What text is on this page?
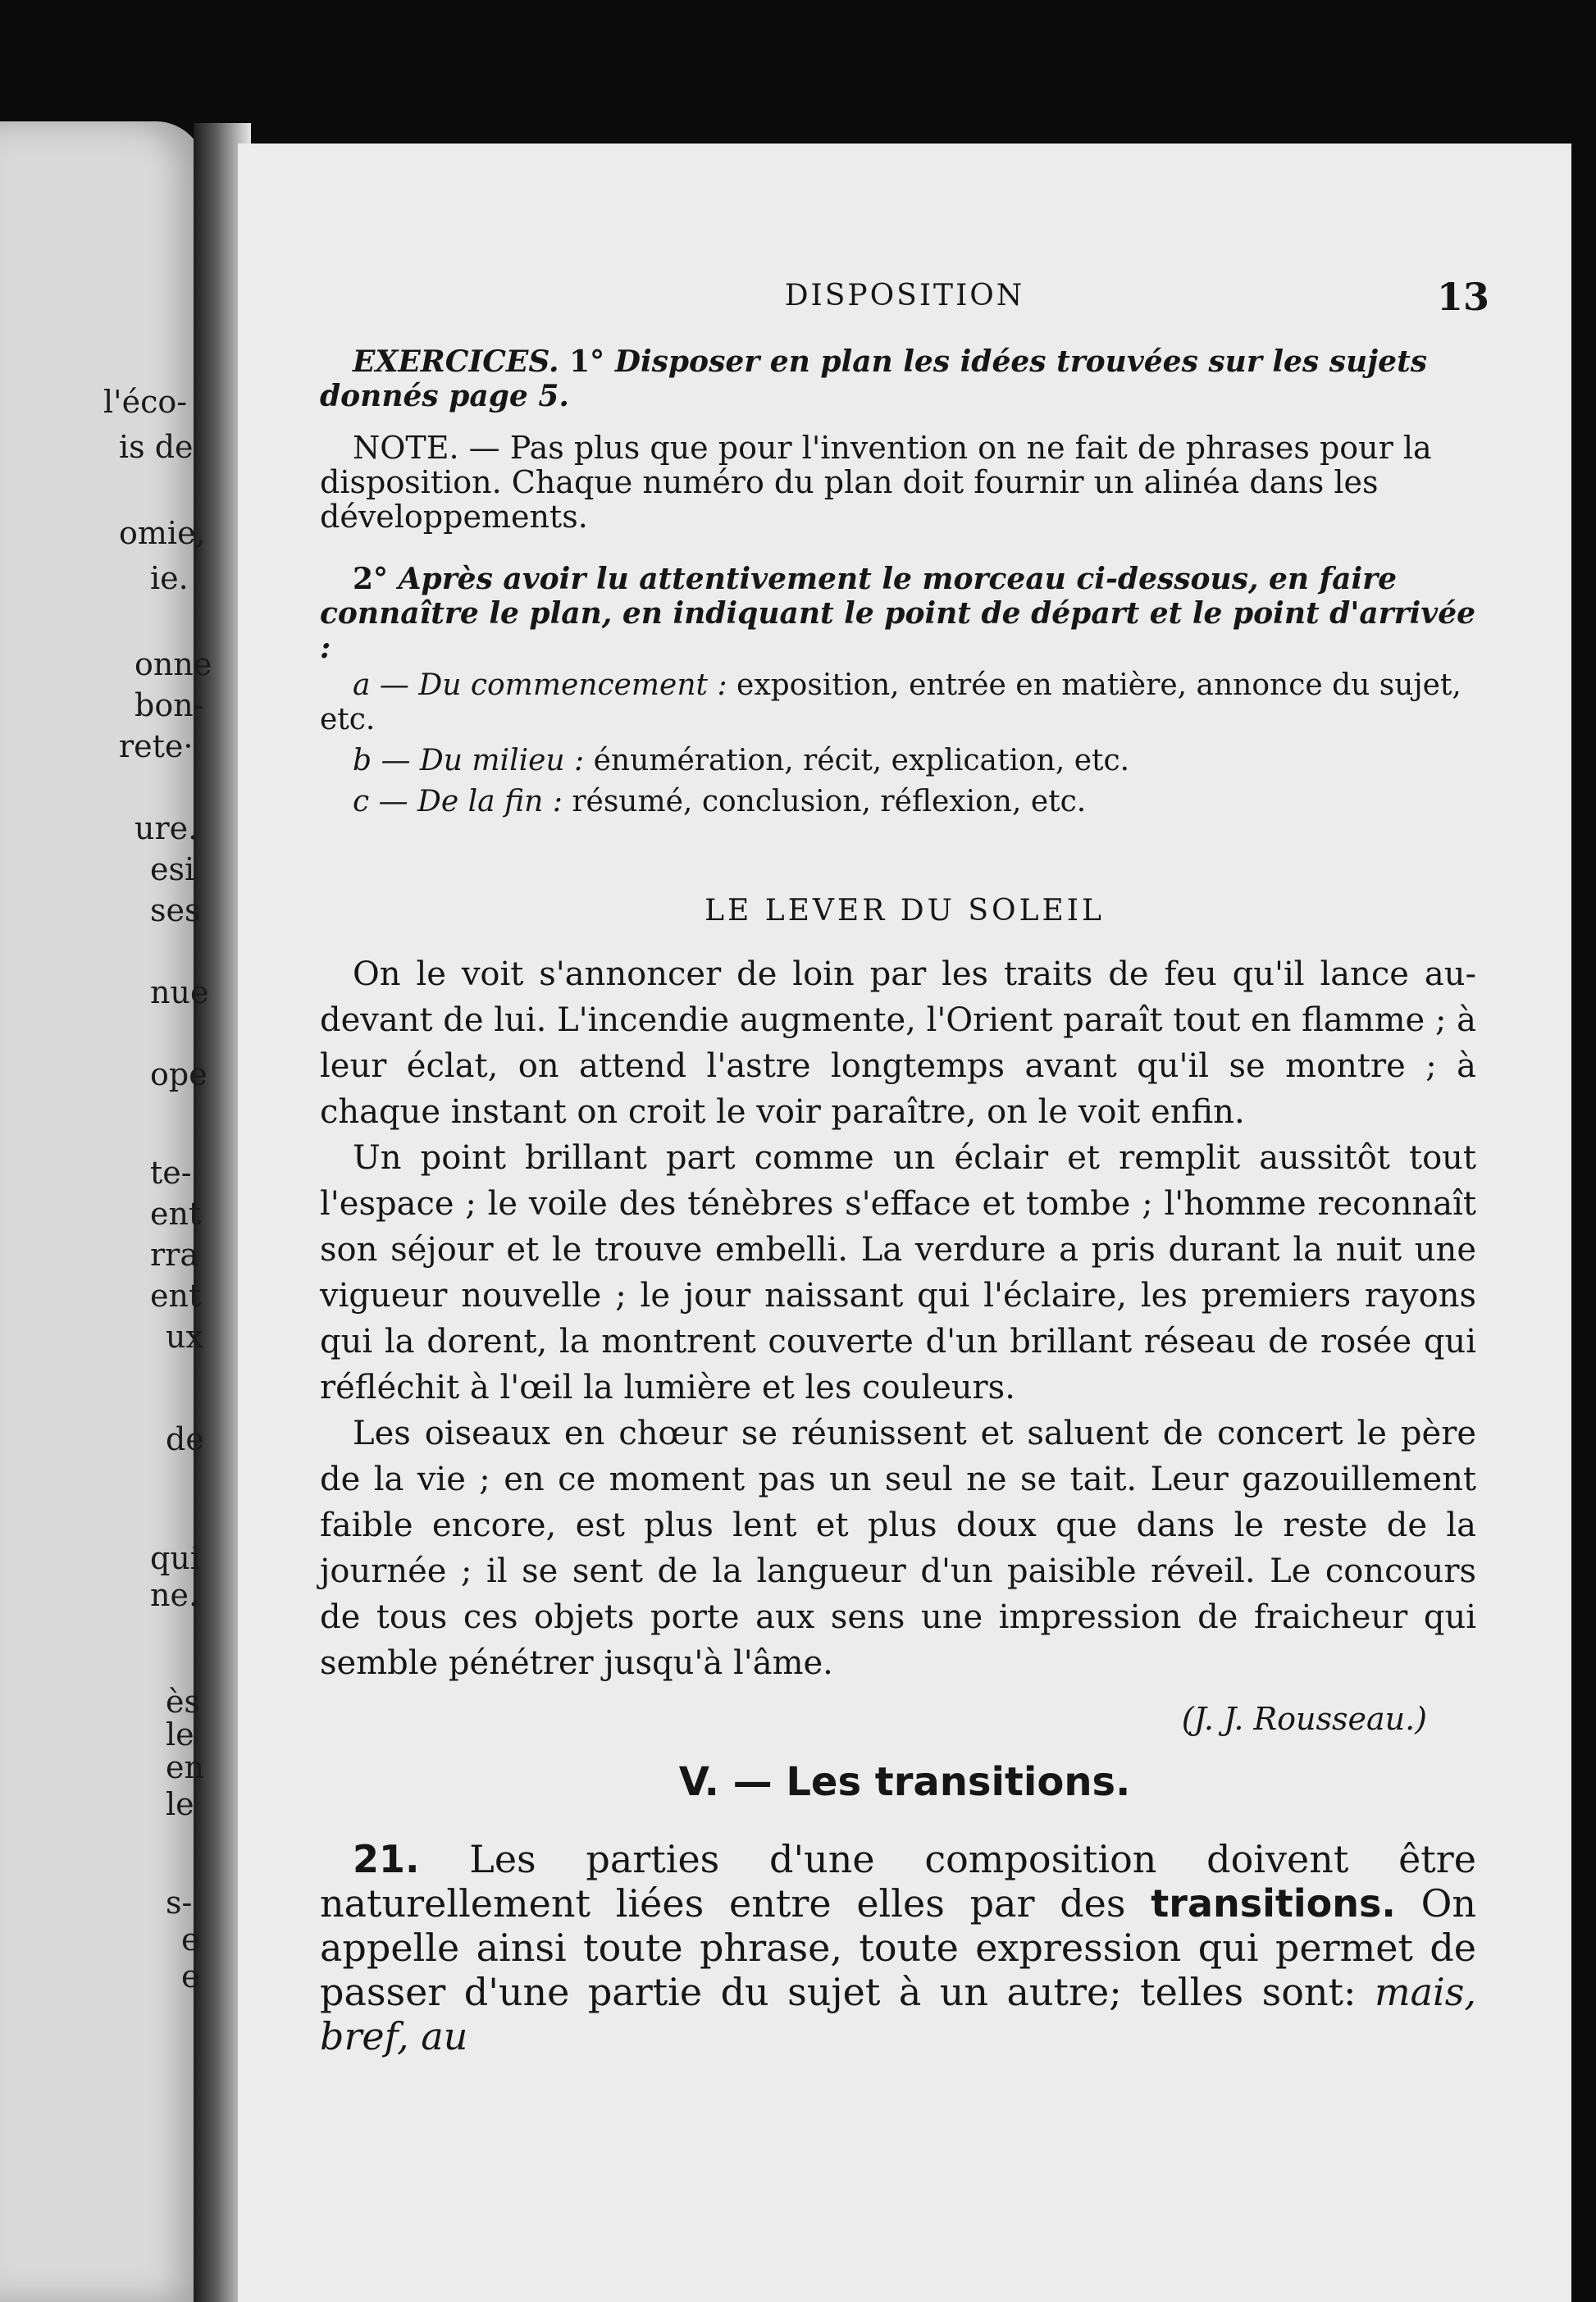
DISPOSITION	13

EXERCICES. 1° Disposer en plan les idées trouvées sur les sujets donnés page 5.

NOTE. — Pas plus que pour l'invention on ne fait de phrases pour la disposition. Chaque numéro du plan doit fournir un alinéa dans les développements.

2° Après avoir lu attentivement le morceau ci-dessous, en faire connaître le plan, en indiquant le point de départ et le point d'arrivée :

a — Du commencement : exposition, entrée en matière, annonce du sujet, etc.

b — Du milieu : énumération, récit, explication, etc.

c — De la fin : résumé, conclusion, réflexion, etc.

LE LEVER DU SOLEIL

On le voit s'annoncer de loin par les traits de feu qu'il lance au-devant de lui. L'incendie augmente, l'Orient paraît tout en flamme ; à leur éclat, on attend l'astre longtemps avant qu'il se montre ; à chaque instant on croit le voir paraître, on le voit enfin.

Un point brillant part comme un éclair et remplit aussitôt tout l'espace ; le voile des ténèbres s'efface et tombe ; l'homme reconnaît son séjour et le trouve embelli. La verdure a pris durant la nuit une vigueur nouvelle ; le jour naissant qui l'éclaire, les premiers rayons qui la dorent, la montrent couverte d'un brillant réseau de rosée qui réfléchit à l'œil la lumière et les couleurs.

Les oiseaux en chœur se réunissent et saluent de concert le père de la vie ; en ce moment pas un seul ne se tait. Leur gazouillement faible encore, est plus lent et plus doux que dans le reste de la journée ; il se sent de la langueur d'un paisible réveil. Le concours de tous ces objets porte aux sens une impression de fraicheur qui semble pénétrer jusqu'à l'âme.

(J. J. Rousseau.)
V. — Les transitions.

21. Les parties d'une composition doivent être naturellement liées entre elles par des transitions. On appelle ainsi toute phrase, toute expression qui permet de passer d'une partie du sujet à un autre; telles sont: mais, bref, au

l'éco-
is de
omie,
ie.
onne
bon-
rete·
ure.
esi
ses
nue
ope
te-
ent
rra
ent
ux
de
qui
ne.
ès
le
en
le
s-
e
e
